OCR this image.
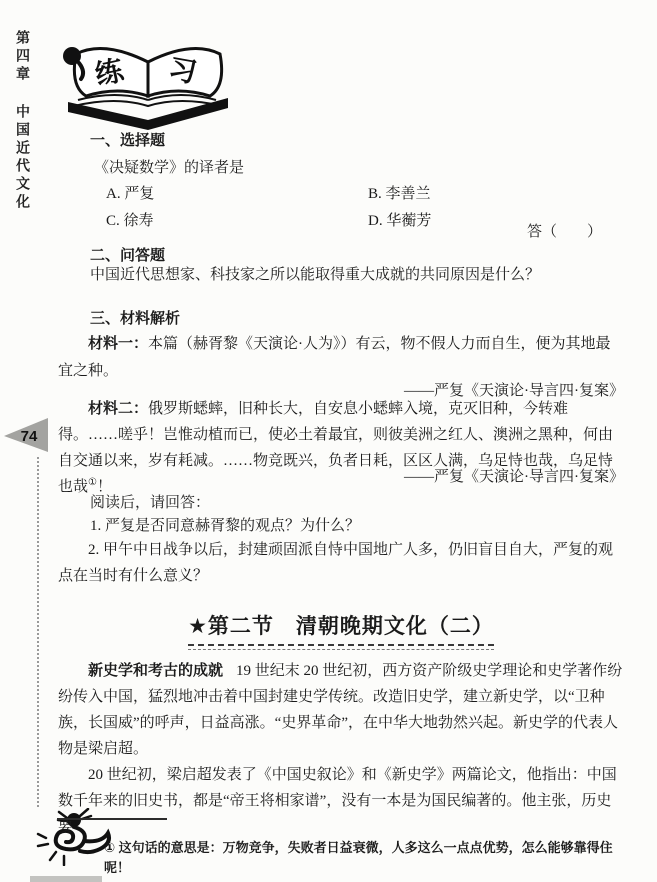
第四章中国近代文化
74
练 习
一、选择题
《决疑数学》的译者是
A. 严复	B. 李善兰
C. 徐寿	D. 华蘅芳
答（　　）
二、问答题
中国近代思想家、科技家之所以能取得重大成就的共同原因是什么？
三、材料解析

材料一：本篇（赫胥黎《天演论·人为》）有云，物不假人力而自生，便为其地最宜之种。

——严复《天演论·导言四·复案》

材料二：俄罗斯蟋蟀，旧种长大，自安息小蟋蟀入境，克灭旧种，今转难得。……嗟乎！岂惟动植而已，使必土着最宜，则彼美洲之红人、澳洲之黑种，何由自交通以来，岁有耗减。……物竞既兴，负者日耗，区区人满，乌足恃也哉，乌足恃也哉①！

——严复《天演论·导言四·复案》
阅读后，请回答：
1. 严复是否同意赫胥黎的观点？为什么？

2. 甲午中日战争以后，封建顽固派自恃中国地广人多，仍旧盲目自大，严复的观点在当时有什么意义？

★第二节　清朝晚期文化（二）

新史学和考古的成就 19 世纪末 20 世纪初，西方资产阶级史学理论和史学著作纷纷传入中国，猛烈地冲击着中国封建史学传统。改造旧史学，建立新史学，以“卫种族，长国威”的呼声，日益高涨。“史界革命”，在中华大地勃然兴起。新史学的代表人物是梁启超。

20 世纪初，梁启超发表了《中国史叙论》和《新史学》两篇论文，他指出：中国数千年来的旧史书，都是“帝王将相家谱”，没有一本是为国民编著的。他主张，历史要

① 这句话的意思是：万物竞争，失败者日益衰微，人多这么一点点优势，怎么能够靠得住呢！
